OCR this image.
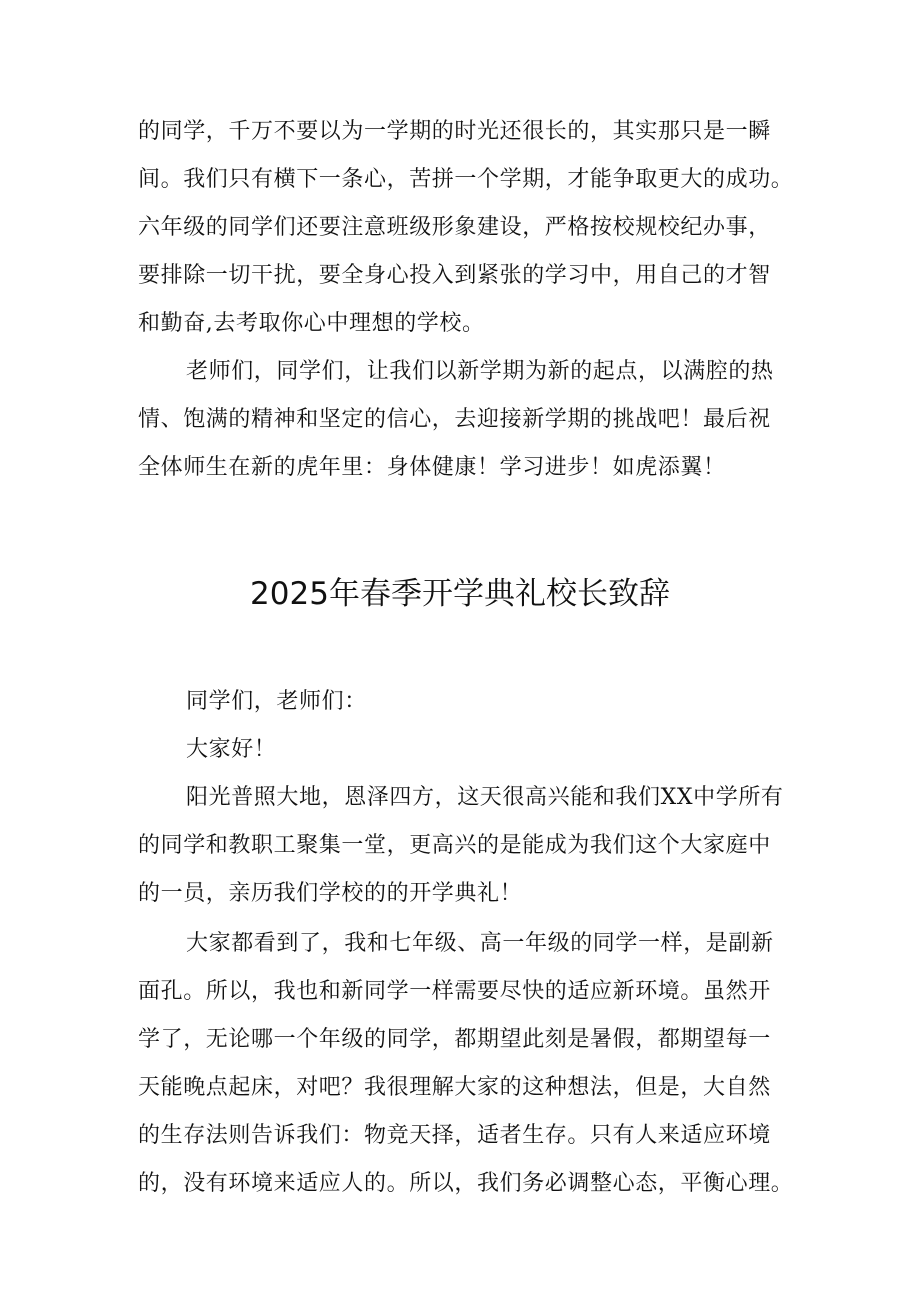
的同学，千万不要以为一学期的时光还很长的，其实那只是一瞬
间。我们只有横下一条心，苦拼一个学期，才能争取更大的成功。
六年级的同学们还要注意班级形象建设，严格按校规校纪办事，
要排除一切干扰，要全身心投入到紧张的学习中，用自己的才智
和勤奋,去考取你心中理想的学校。
老师们，同学们，让我们以新学期为新的起点，以满腔的热
情、饱满的精神和坚定的信心，去迎接新学期的挑战吧！最后祝
全体师生在新的虎年里：身体健康！学习进步！如虎添翼！
2025年春季开学典礼校长致辞
同学们，老师们：
大家好！
阳光普照大地，恩泽四方，这天很高兴能和我们XX中学所有
的同学和教职工聚集一堂，更高兴的是能成为我们这个大家庭中
的一员，亲历我们学校的的开学典礼！
大家都看到了，我和七年级、高一年级的同学一样，是副新
面孔。所以，我也和新同学一样需要尽快的适应新环境。虽然开
学了，无论哪一个年级的同学，都期望此刻是暑假，都期望每一
天能晚点起床，对吧？我很理解大家的这种想法，但是，大自然
的生存法则告诉我们：物竞天择，适者生存。只有人来适应环境
的，没有环境来适应人的。所以，我们务必调整心态，平衡心理。
